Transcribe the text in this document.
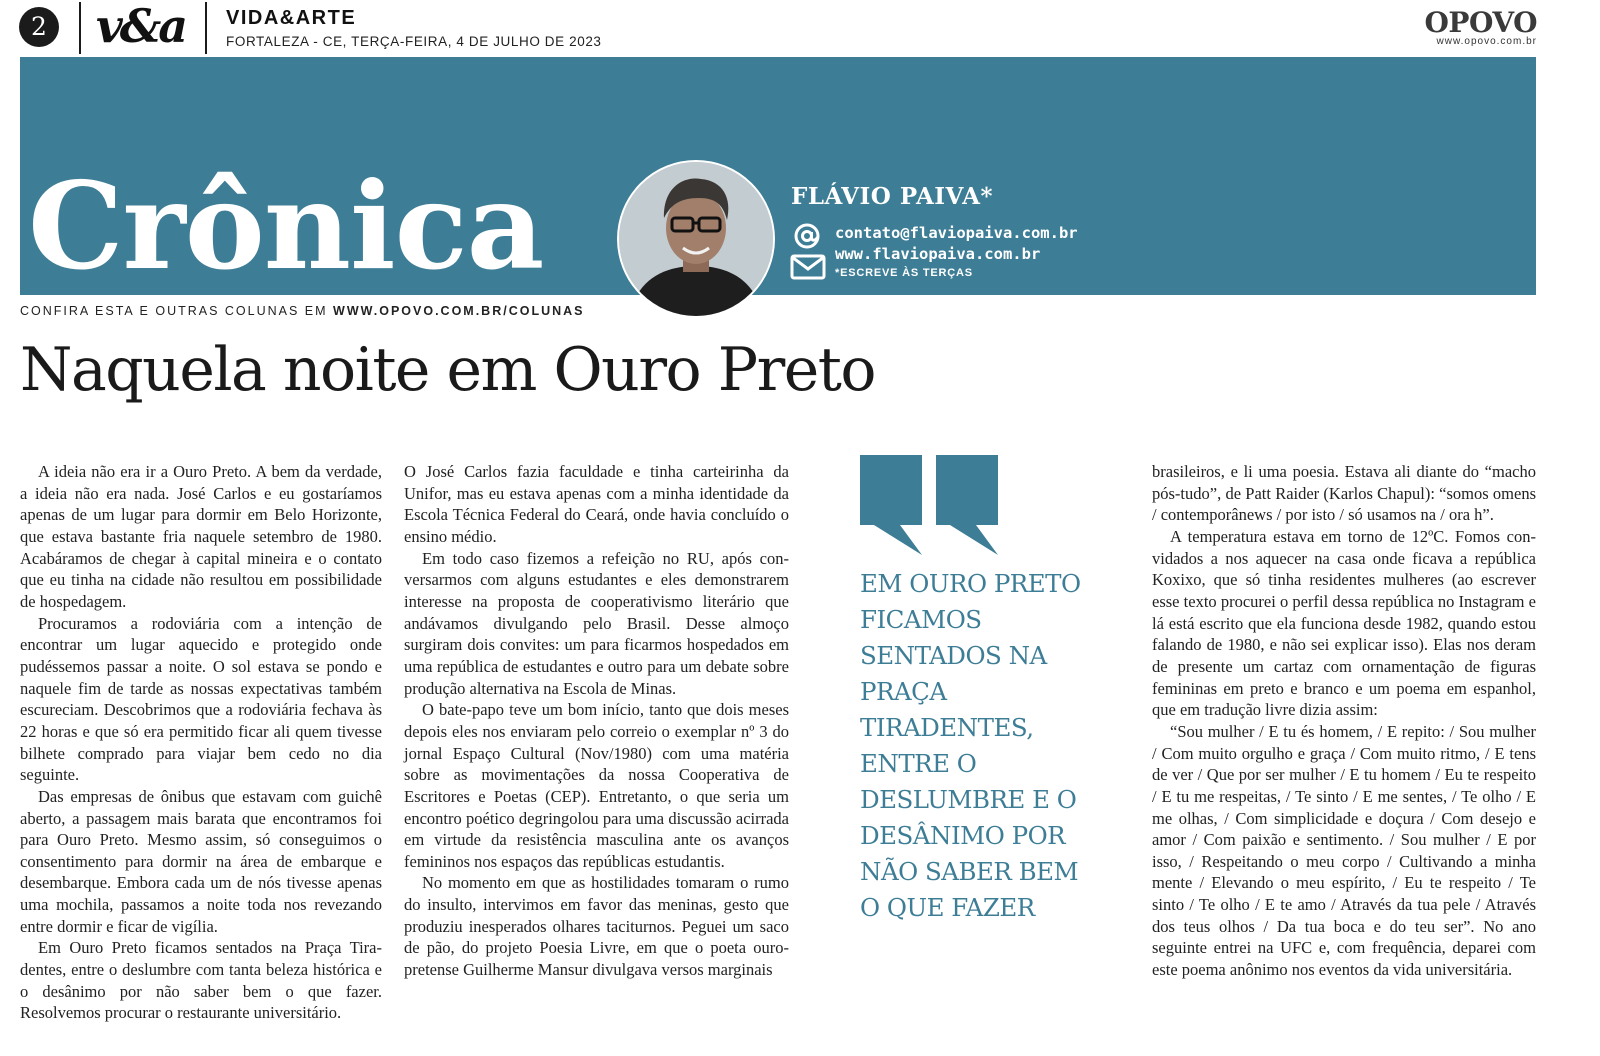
2 v&a VIDA&ARTE
FORTALEZA - CE, TERÇA-FEIRA, 4 DE JULHO DE 2023
OPOVO
www.opovo.com.br
Crônica	FLÁVIO PAIVA*
contato@flaviopaiva.com.br
www.flaviopaiva.com.br
*ESCREVE ÀS TERÇAS
CONFIRA ESTA E OUTRAS COLUNAS EM WWW.OPOVO.COM.BR/COLUNAS
Naquela noite em Ouro Preto

A ideia não era ir a Ouro Preto. A bem da verdade, a ideia não era nada. José Carlos e eu gostaríamos apenas de um lugar para dormir em Belo Horizonte, que estava bastante fria naquele setembro de 1980. Acabáramos de chegar à capital mineira e o contato que eu tinha na cidade não resultou em possibilidade de hospedagem.

Procuramos a rodoviária com a intenção de encontrar um lugar aquecido e protegido onde pudéssemos passar a noite. O sol estava se pondo e naquele fim de tarde as nossas expectativas também escureciam. Descobrimos que a rodoviária fechava às 22 horas e que só era permitido ficar ali quem tivesse bilhete comprado para viajar bem cedo no dia seguinte.

Das empresas de ônibus que estavam com guichê aberto, a passagem mais barata que encontramos foi para Ouro Preto. Mesmo assim, só conseguimos o consentimento para dormir na área de embarque e desembarque. Embora cada um de nós tivesse apenas uma mochila, passamos a noite toda nos revezando entre dormir e ficar de vigília.

Em Ouro Preto ficamos sentados na Praça Tiradentes, entre o deslumbre com tanta beleza histórica e o desânimo por não saber bem o que fazer. Resolvemos procurar o restaurante universitário.

O José Carlos fazia faculdade e tinha carteirinha da Unifor, mas eu estava apenas com a minha identidade da Escola Técnica Federal do Ceará, onde havia concluído o ensino médio.

Em todo caso fizemos a refeição no RU, após conversarmos com alguns estudantes e eles demonstrarem interesse na proposta de cooperativismo literário que andávamos divulgando pelo Brasil. Desse almoço surgiram dois convites: um para ficarmos hospedados em uma república de estudantes e outro para um debate sobre produção alternativa na Escola de Minas.

O bate-papo teve um bom início, tanto que dois meses depois eles nos enviaram pelo correio o exemplar nº 3 do jornal Espaço Cultural (Nov/1980) com uma matéria sobre as movimentações da nossa Cooperativa de Escritores e Poetas (CEP). Entretanto, o que seria um encontro poético degringolou para uma discussão acirrada em virtude da resistência masculina ante os avanços femininos nos espaços das repúblicas estudantis.

No momento em que as hostilidades tomaram o rumo do insulto, intervimos em favor das meninas, gesto que produziu inesperados olhares taciturnos. Peguei um saco de pão, do projeto Poesia Livre, em que o poeta ouro-pretense Guilherme Mansur divulgava versos marginais

EM OURO PRETO FICAMOS SENTADOS NA PRAÇA TIRADENTES, ENTRE O DESLUMBRE E O DESÂNIMO POR NÃO SABER BEM O QUE FAZER

brasileiros, e li uma poesia. Estava ali diante do “macho pós-tudo”, de Patt Raider (Karlos Chapul): “somos omens / contemporânews / por isto / só usamos na / ora h”.

A temperatura estava em torno de 12ºC. Fomos convidados a nos aquecer na casa onde ficava a república Koxixo, que só tinha residentes mulheres (ao escrever esse texto procurei o perfil dessa república no Instagram e lá está escrito que ela funciona desde 1982, quando estou falando de 1980, e não sei explicar isso). Elas nos deram de presente um cartaz com ornamentação de figuras femininas em preto e branco e um poema em espanhol, que em tradução livre dizia assim:

“Sou mulher / E tu és homem, / E repito: / Sou mulher / Com muito orgulho e graça / Com muito ritmo, / E tens de ver / Que por ser mulher / E tu homem / Eu te respeito / E tu me respeitas, / Te sinto / E me sentes, / Te olho / E me olhas, / Com simplicidade e doçura / Com desejo e amor / Com paixão e sentimento. / Sou mulher / E por isso, / Respeitando o meu corpo / Cultivando a minha mente / Elevando o meu espírito, / Eu te respeito / Te sinto / Te olho / E te amo / Através da tua pele / Através dos teus olhos / Da tua boca e do teu ser”. No ano seguinte entrei na UFC e, com frequência, deparei com este poema anônimo nos eventos da vida universitária.
